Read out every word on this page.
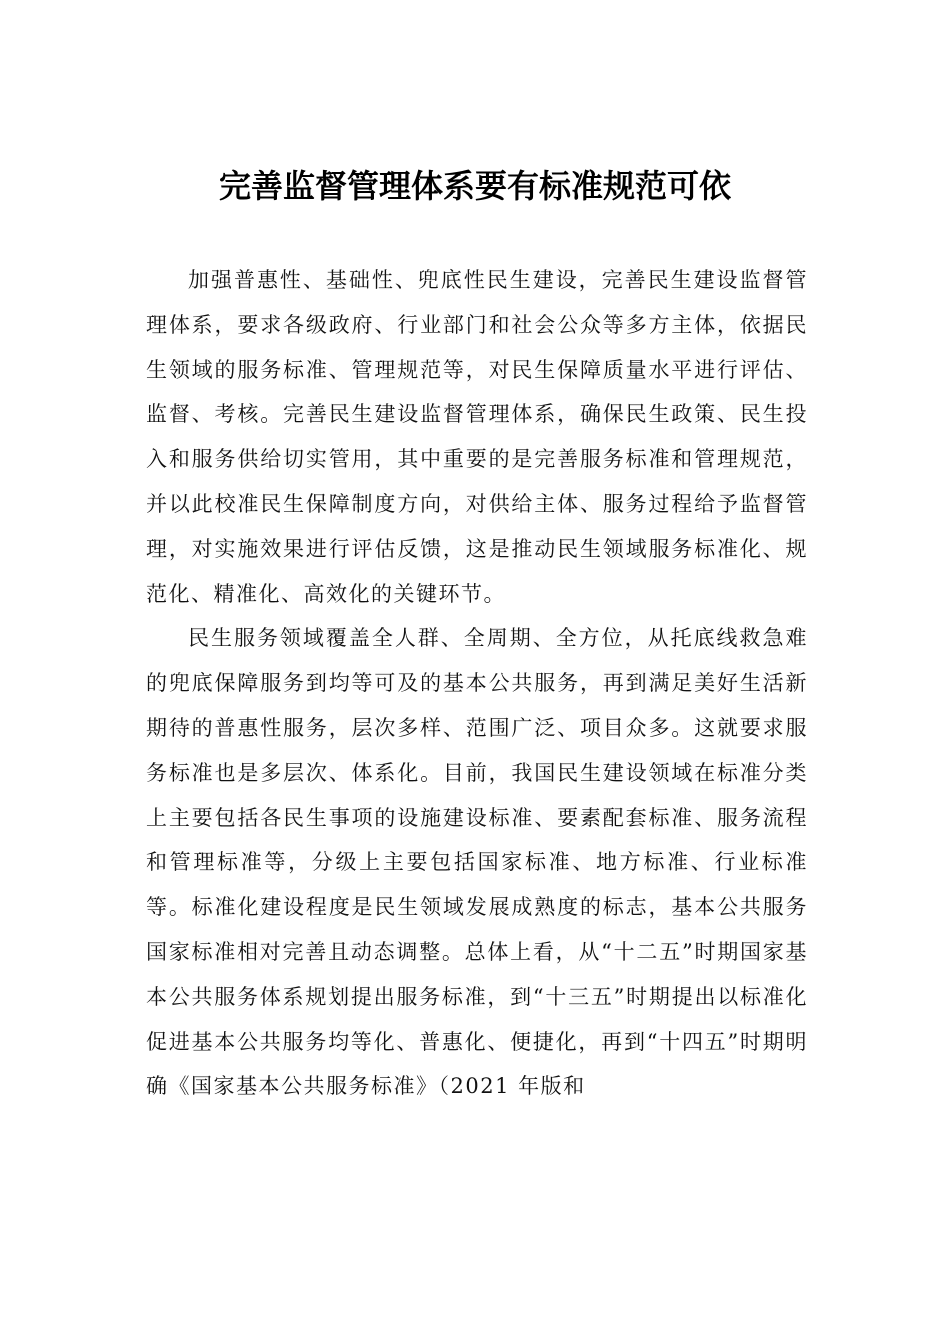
完善监督管理体系要有标准规范可依

加强普惠性、基础性、兜底性民生建设，完善民生建设监督管理体系，要求各级政府、行业部门和社会公众等多方主体，依据民生领域的服务标准、管理规范等，对民生保障质量水平进行评估、监督、考核。完善民生建设监督管理体系，确保民生政策、民生投入和服务供给切实管用，其中重要的是完善服务标准和管理规范，并以此校准民生保障制度方向，对供给主体、服务过程给予监督管理，对实施效果进行评估反馈，这是推动民生领域服务标准化、规范化、精准化、高效化的关键环节。

民生服务领域覆盖全人群、全周期、全方位，从托底线救急难的兜底保障服务到均等可及的基本公共服务，再到满足美好生活新期待的普惠性服务，层次多样、范围广泛、项目众多。这就要求服务标准也是多层次、体系化。目前，我国民生建设领域在标准分类上主要包括各民生事项的设施建设标准、要素配套标准、服务流程和管理标准等，分级上主要包括国家标准、地方标准、行业标准等。标准化建设程度是民生领域发展成熟度的标志，基本公共服务国家标准相对完善且动态调整。总体上看，从“十二五”时期国家基本公共服务体系规划提出服务标准，到“十三五”时期提出以标准化促进基本公共服务均等化、普惠化、便捷化，再到“十四五”时期明确《国家基本公共服务标准》（2021 年版和
